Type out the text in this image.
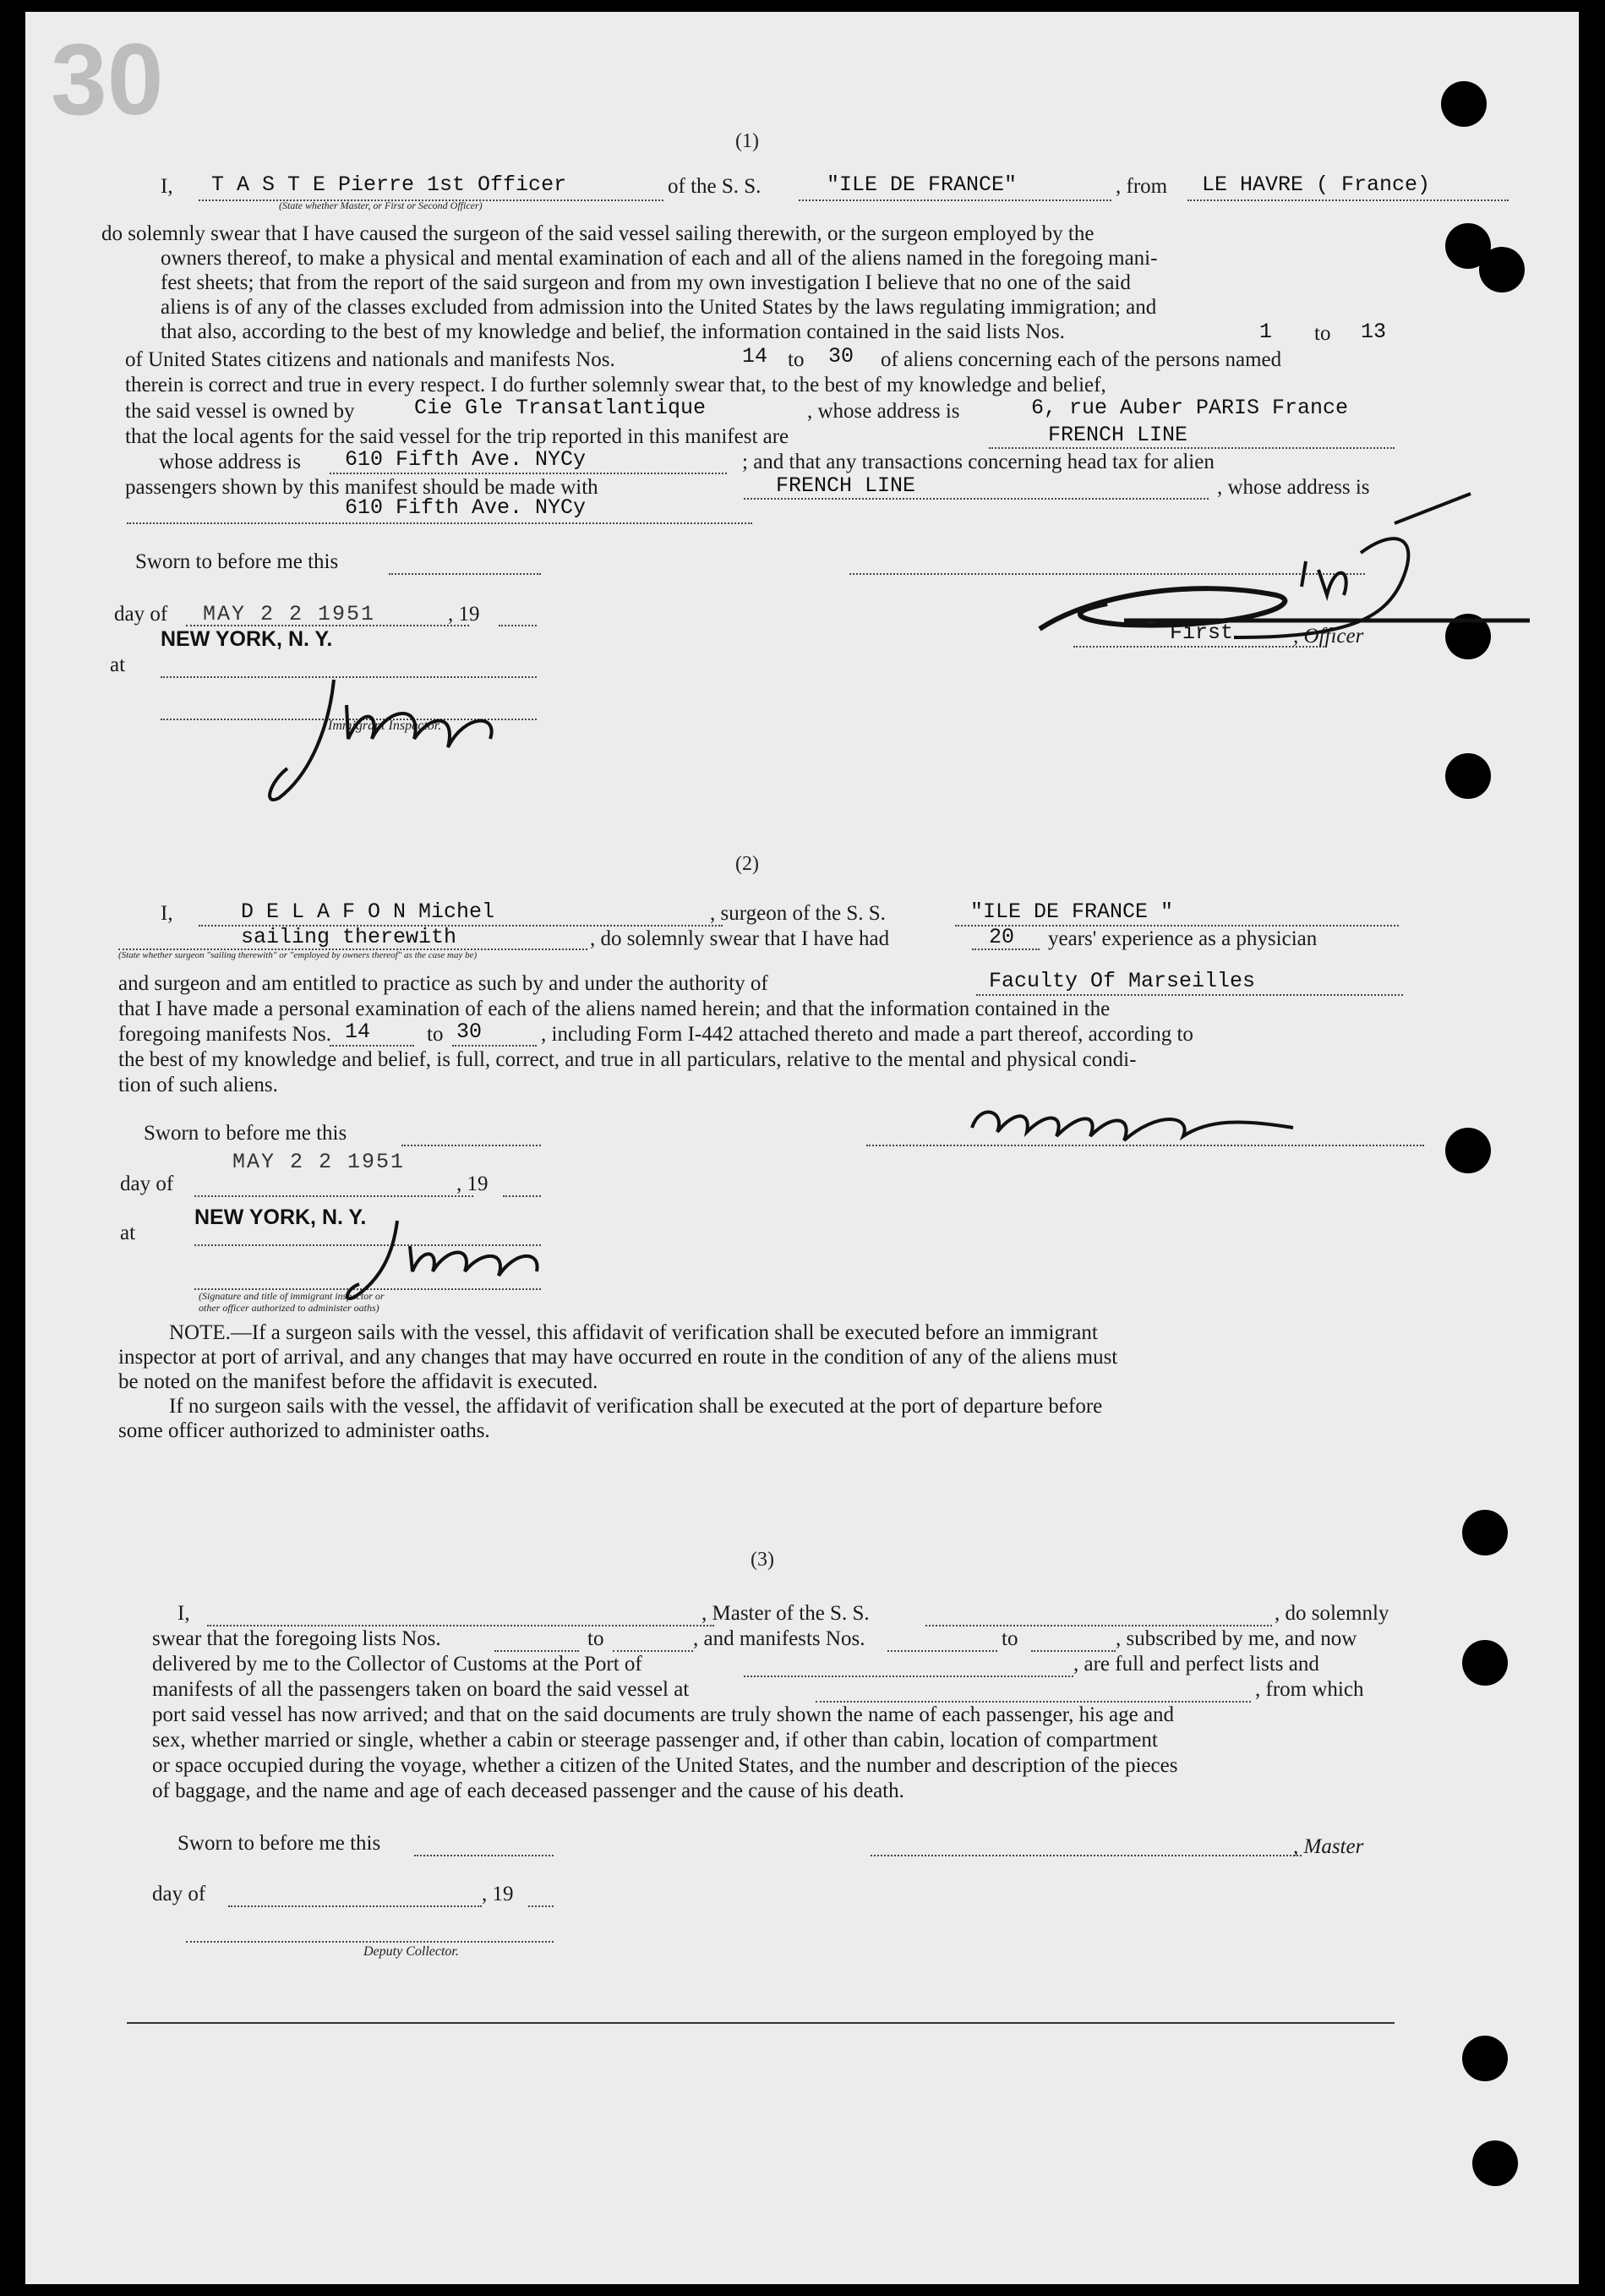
30
(1)
I, T A S T E Pierre 1st Officer	of the S. S.	"ILE DE FRANCE"	, from LE HAVRE ( France)
(State whether Master, or First or Second Officer)
do solemnly swear that I have caused the surgeon of the said vessel sailing therewith, or the surgeon employed by the
owners thereof, to make a physical and mental examination of each and all of the aliens named in the foregoing mani-
fest sheets; that from the report of the said surgeon and from my own investigation I believe that no one of the said
aliens is of any of the classes excluded from admission into the United States by the laws regulating immigration; and
that also, according to the best of my knowledge and belief, the information contained in the said lists Nos.	1 to 13
of United States citizens and nationals and manifests Nos.	14 to 30 of aliens concerning each of the persons named
therein is correct and true in every respect. I do further solemnly swear that, to the best of my knowledge and belief,
the said vessel is owned by	Cie Gle Transatlantique	, whose address is	6, rue Auber PARIS France
that the local agents for the said vessel for the trip reported in this manifest are	FRENCH LINE
whose address is 610 Fifth Ave. NYCy	; and that any transactions concerning head tax for alien
passengers shown by this manifest should be made with	FRENCH LINE	, whose address is
610 Fifth Ave. NYCy
Sworn to before me this
day of MAY 2 2 1951	, 19
NEW YORK, N. Y.
at
First	, Officer
Immigrant Inspector.
(2)
I,	D E L A F O N Michel	, surgeon of the S. S.	"ILE DE FRANCE "
sailing therewith	, do solemnly swear that I have had	20 years' experience as a physician
(State whether surgeon "sailing therewith" or "employed by owners thereof" as the case may be)
and surgeon and am entitled to practice as such by and under the authority of	Faculty Of Marseilles
that I have made a personal examination of each of the aliens named herein; and that the information contained in the
foregoing manifests Nos. 14	to 30	, including Form I-442 attached thereto and made a part thereof, according to
the best of my knowledge and belief, is full, correct, and true in all particulars, relative to the mental and physical condi-
tion of such aliens.
Sworn to before me this
MAY 2 2 1951
day of	, 19
NEW YORK, N. Y.
at
(Signature and title of immigrant inspector or
other officer authorized to administer oaths)
NOTE.—If a surgeon sails with the vessel, this affidavit of verification shall be executed before an immigrant
inspector at port of arrival, and any changes that may have occurred en route in the condition of any of the aliens must
be noted on the manifest before the affidavit is executed.
If no surgeon sails with the vessel, the affidavit of verification shall be executed at the port of departure before
some officer authorized to administer oaths.
(3)
I,	, Master of the S. S.	, do solemnly
swear that the foregoing lists Nos.	to	, and manifests Nos.	to	, subscribed by me, and now
delivered by me to the Collector of Customs at the Port of	, are full and perfect lists and
manifests of all the passengers taken on board the said vessel at	, from which
port said vessel has now arrived; and that on the said documents are truly shown the name of each passenger, his age and
sex, whether married or single, whether a cabin or steerage passenger and, if other than cabin, location of compartment
or space occupied during the voyage, whether a citizen of the United States, and the number and description of the pieces
of baggage, and the name and age of each deceased passenger and the cause of his death.
Sworn to before me this	, Master
day of	, 19
Deputy Collector.
